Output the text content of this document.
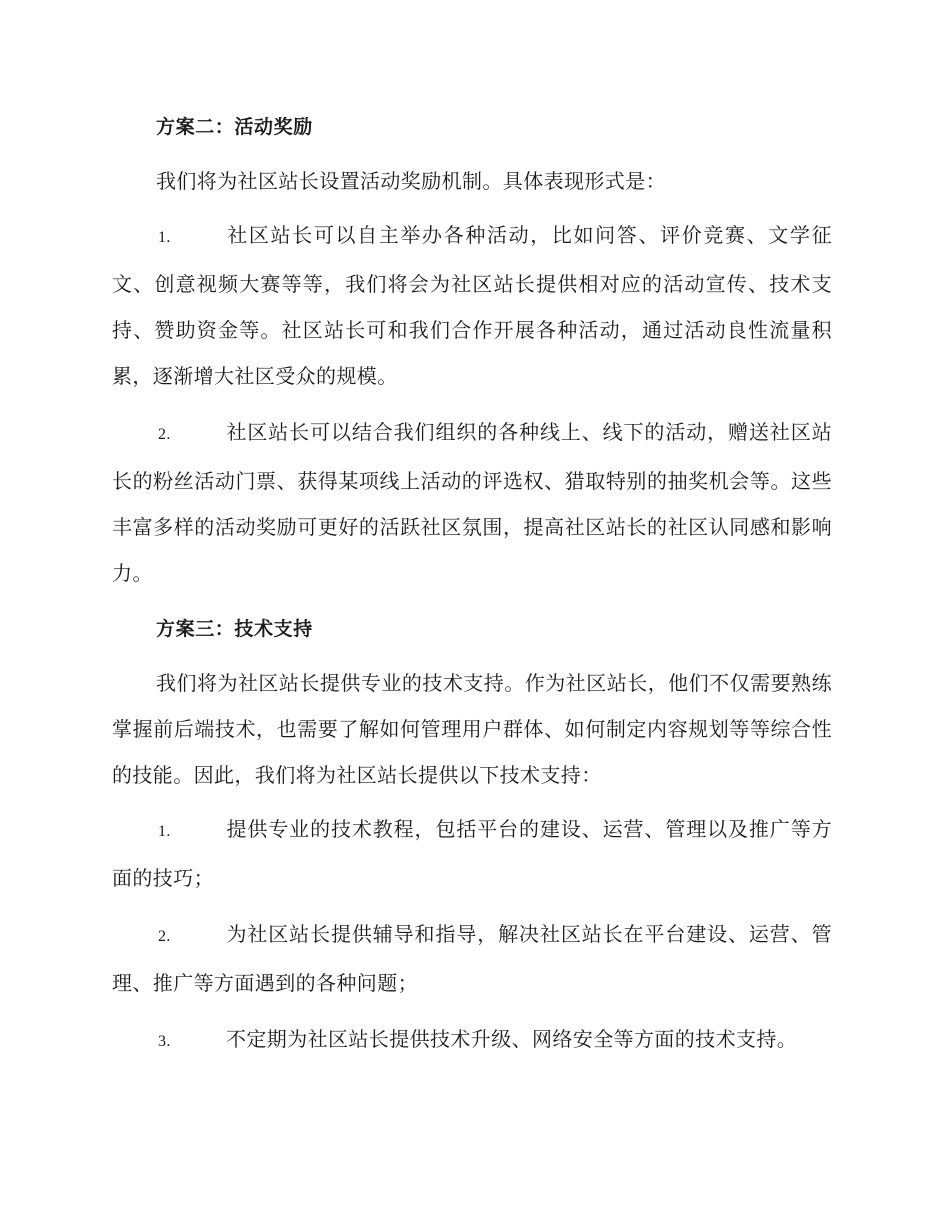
方案二：活动奖励

我们将为社区站长设置活动奖励机制。具体表现形式是：

1.	社区站长可以自主举办各种活动，比如问答、评价竞赛、文学征文、创意视频大赛等等，我们将会为社区站长提供相对应的活动宣传、技术支持、赞助资金等。社区站长可和我们合作开展各种活动，通过活动良性流量积累，逐渐增大社区受众的规模。

2.	社区站长可以结合我们组织的各种线上、线下的活动，赠送社区站长的粉丝活动门票、获得某项线上活动的评选权、猎取特别的抽奖机会等。这些丰富多样的活动奖励可更好的活跃社区氛围，提高社区站长的社区认同感和影响力。

方案三：技术支持

我们将为社区站长提供专业的技术支持。作为社区站长，他们不仅需要熟练掌握前后端技术，也需要了解如何管理用户群体、如何制定内容规划等等综合性的技能。因此，我们将为社区站长提供以下技术支持：

1.	提供专业的技术教程，包括平台的建设、运营、管理以及推广等方面的技巧；

2.	为社区站长提供辅导和指导，解决社区站长在平台建设、运营、管理、推广等方面遇到的各种问题；

3.	不定期为社区站长提供技术升级、网络安全等方面的技术支持。
